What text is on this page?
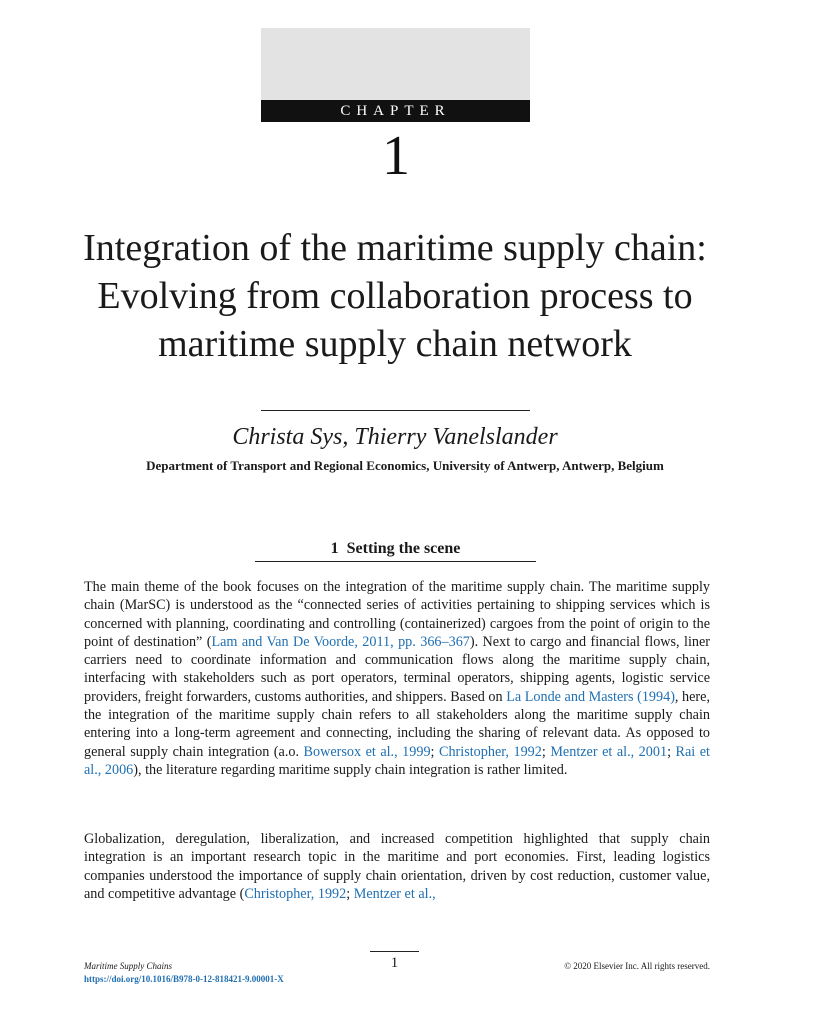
CHAPTER
1
Integration of the maritime supply chain: Evolving from collaboration process to maritime supply chain network
Christa Sys, Thierry Vanelslander
Department of Transport and Regional Economics, University of Antwerp, Antwerp, Belgium
1 Setting the scene

The main theme of the book focuses on the integration of the maritime supply chain. The maritime supply chain (MarSC) is understood as the “connected series of activities pertaining to shipping services which is concerned with planning, coordinating and controlling (containerized) cargoes from the point of origin to the point of destination” (Lam and Van De Voorde, 2011, pp. 366–367). Next to cargo and financial flows, liner carriers need to coordinate information and communication flows along the maritime supply chain, interfacing with stakeholders such as port operators, terminal operators, shipping agents, logistic service providers, freight forwarders, customs authorities, and shippers. Based on La Londe and Masters (1994), here, the integration of the maritime supply chain refers to all stakeholders along the maritime supply chain entering into a long-term agreement and connecting, including the sharing of relevant data. As opposed to general supply chain integration (a.o. Bowersox et al., 1999; Christopher, 1992; Mentzer et al., 2001; Rai et al., 2006), the literature regarding maritime supply chain integration is rather limited.

Globalization, deregulation, liberalization, and increased competition highlighted that supply chain integration is an important research topic in the maritime and port economies. First, leading logistics companies understood the importance of supply chain orientation, driven by cost reduction, customer value, and competitive advantage (Christopher, 1992; Mentzer et al.,

Maritime Supply Chains
https://doi.org/10.1016/B978-0-12-818421-9.00001-X
1	© 2020 Elsevier Inc. All rights reserved.
